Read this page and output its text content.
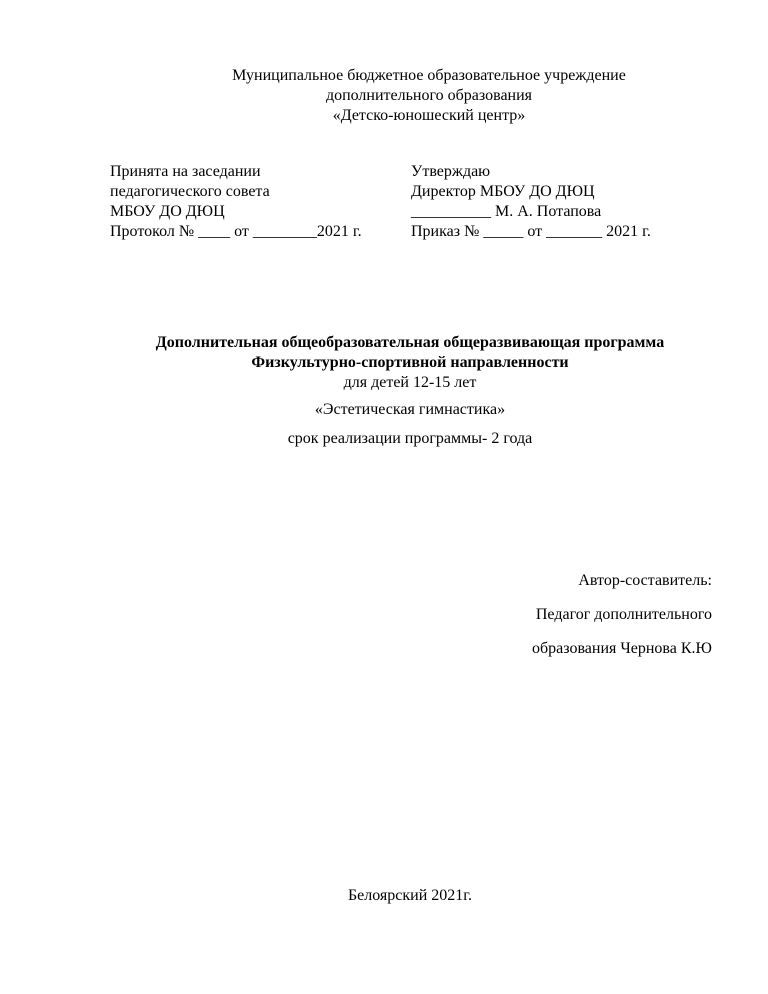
Муниципальное бюджетное образовательное учреждение
дополнительного образования
«Детско-юношеский центр»
Принята на заседании
педагогического совета
МБОУ ДО ДЮЦ
Протокол № ____ от ________2021 г.
Утверждаю
Директор МБОУ ДО ДЮЦ
__________ М. А. Потапова
Приказ № _____ от _______ 2021 г.
Дополнительная общеобразовательная общеразвивающая программа
Физкультурно-спортивной направленности
для детей 12-15 лет
«Эстетическая гимнастика»
срок реализации программы- 2 года
Автор-составитель:
Педагог дополнительного
образования Чернова К.Ю
Белоярский 2021г.
